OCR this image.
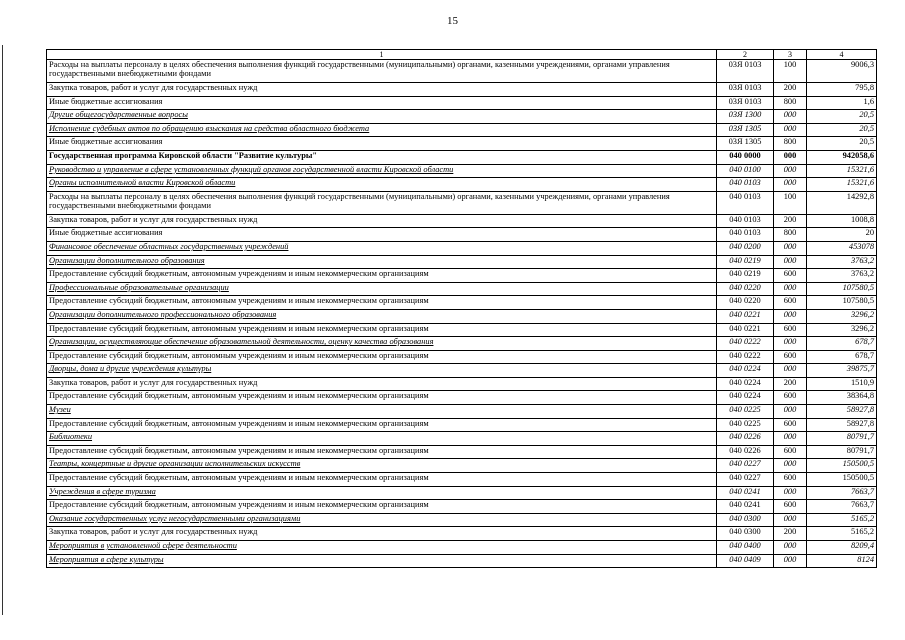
15
1	2	3	4
Расходы на выплаты персоналу в целях обеспечения выполнения функций государственными (муниципальными) органами, казенными учреждениями, органами управления государственными внебюджетными фондами	03Я 0103	100	9006,3
Закупка товаров, работ и услуг для государственных нужд	03Я 0103	200	795,8
Иные бюджетные ассигнования	03Я 0103	800	1,6
Другие общегосударственные вопросы	03Я 1300	000	20,5
Исполнение судебных актов по обращению взыскания на средства областного бюджета	03Я 1305	000	20,5
Иные бюджетные ассигнования	03Я 1305	800	20,5
Государственная программа Кировской области "Развитие культуры"	040 0000	000	942058,6
Руководство и управление в сфере установленных функций органов государственной власти Кировской области	040 0100	000	15321,6
Органы исполнительной власти Кировской области	040 0103	000	15321,6
Расходы на выплаты персоналу в целях обеспечения выполнения функций государственными (муниципальными) органами, казенными учреждениями, органами управления государственными внебюджетными фондами	040 0103	100	14292,8
Закупка товаров, работ и услуг для государственных нужд	040 0103	200	1008,8
Иные бюджетные ассигнования	040 0103	800	20
Финансовое обеспечение областных государственных учреждений	040 0200	000	453078
Организации дополнительного образования	040 0219	000	3763,2
Предоставление субсидий бюджетным, автономным учреждениям и иным некоммерческим организациям	040 0219	600	3763,2
Профессиональные образовательные организации	040 0220	000	107580,5
Предоставление субсидий бюджетным, автономным учреждениям и иным некоммерческим организациям	040 0220	600	107580,5
Организации дополнительного профессионального образования	040 0221	000	3296,2
Предоставление субсидий бюджетным, автономным учреждениям и иным некоммерческим организациям	040 0221	600	3296,2
Организации, осуществляющие обеспечение образовательной деятельности, оценку качества образования	040 0222	000	678,7
Предоставление субсидий бюджетным, автономным учреждениям и иным некоммерческим организациям	040 0222	600	678,7
Дворцы, дома и другие учреждения культуры	040 0224	000	39875,7
Закупка товаров, работ и услуг для государственных нужд	040 0224	200	1510,9
Предоставление субсидий бюджетным, автономным учреждениям и иным некоммерческим организациям	040 0224	600	38364,8
Музеи	040 0225	000	58927,8
Предоставление субсидий бюджетным, автономным учреждениям и иным некоммерческим организациям	040 0225	600	58927,8
Библиотеки	040 0226	000	80791,7
Предоставление субсидий бюджетным, автономным учреждениям и иным некоммерческим организациям	040 0226	600	80791,7
Театры, концертные и другие организации исполнительских искусств	040 0227	000	150500,5
Предоставление субсидий бюджетным, автономным учреждениям и иным некоммерческим организациям	040 0227	600	150500,5
Учреждения в сфере туризма	040 0241	000	7663,7
Предоставление субсидий бюджетным, автономным учреждениям и иным некоммерческим организациям	040 0241	600	7663,7
Оказание государственных услуг негосударственными организациями	040 0300	000	5165,2
Закупка товаров, работ и услуг для государственных нужд	040 0300	200	5165,2
Мероприятия в установленной сфере деятельности	040 0400	000	8209,4
Мероприятия в сфере культуры	040 0409	000	8124
